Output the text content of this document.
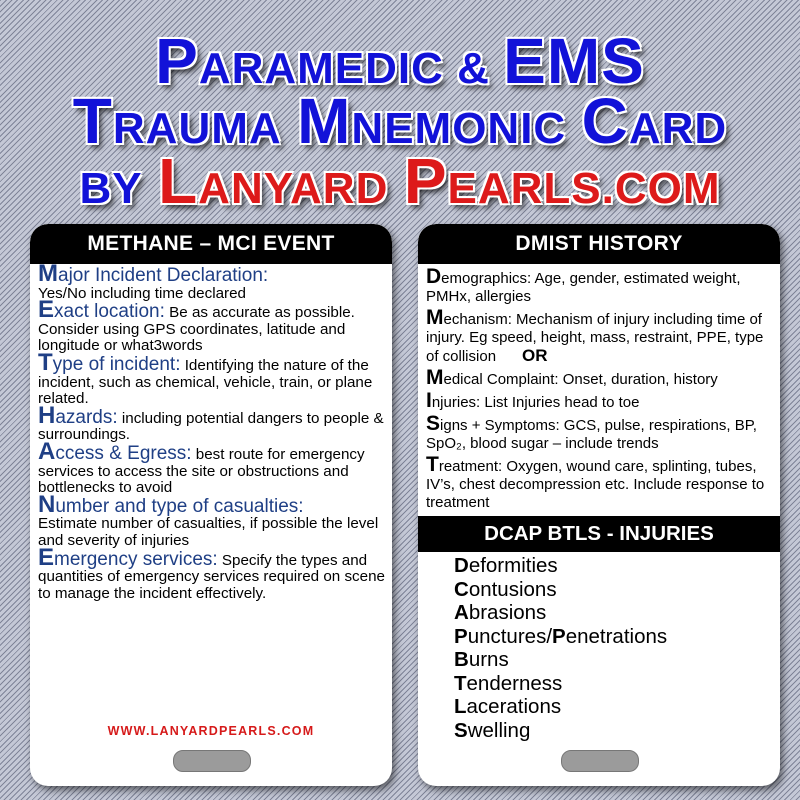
PARAMEDIC & EMS
TRAUMA MNEMONIC CARD
BY LANYARD PEARLS.COM
METHANE – MCI EVENT
Major Incident Declaration:
Yes/No including time declared
Exact location: Be as accurate as possible. Consider using GPS coordinates, latitude and longitude or what3words
Type of incident: Identifying the nature of the incident, such as chemical, vehicle, train, or plane related.
Hazards: including potential dangers to people & surroundings.
Access & Egress: best route for emergency services to access the site or obstructions and bottlenecks to avoid
Number and type of casualties:
Estimate number of casualties, if possible the level and severity of injuries
Emergency services: Specify the types and quantities of emergency services required on scene to manage the incident effectively.
WWW.LANYARDPEARLS.COM
DMIST HISTORY
Demographics: Age, gender, estimated weight, PMHx, allergies
Mechanism: Mechanism of injury including time of injury. Eg speed, height, mass, restraint, PPE, type of collision OR
Medical Complaint: Onset, duration, history
Injuries: List Injuries head to toe
Signs + Symptoms: GCS, pulse, respirations, BP, SpO₂, blood sugar – include trends
Treatment: Oxygen, wound care, splinting, tubes, IV’s, chest decompression etc. Include response to treatment
DCAP BTLS - INJURIES
Deformities
Contusions
Abrasions
Punctures/Penetrations
Burns
Tenderness
Lacerations
Swelling
